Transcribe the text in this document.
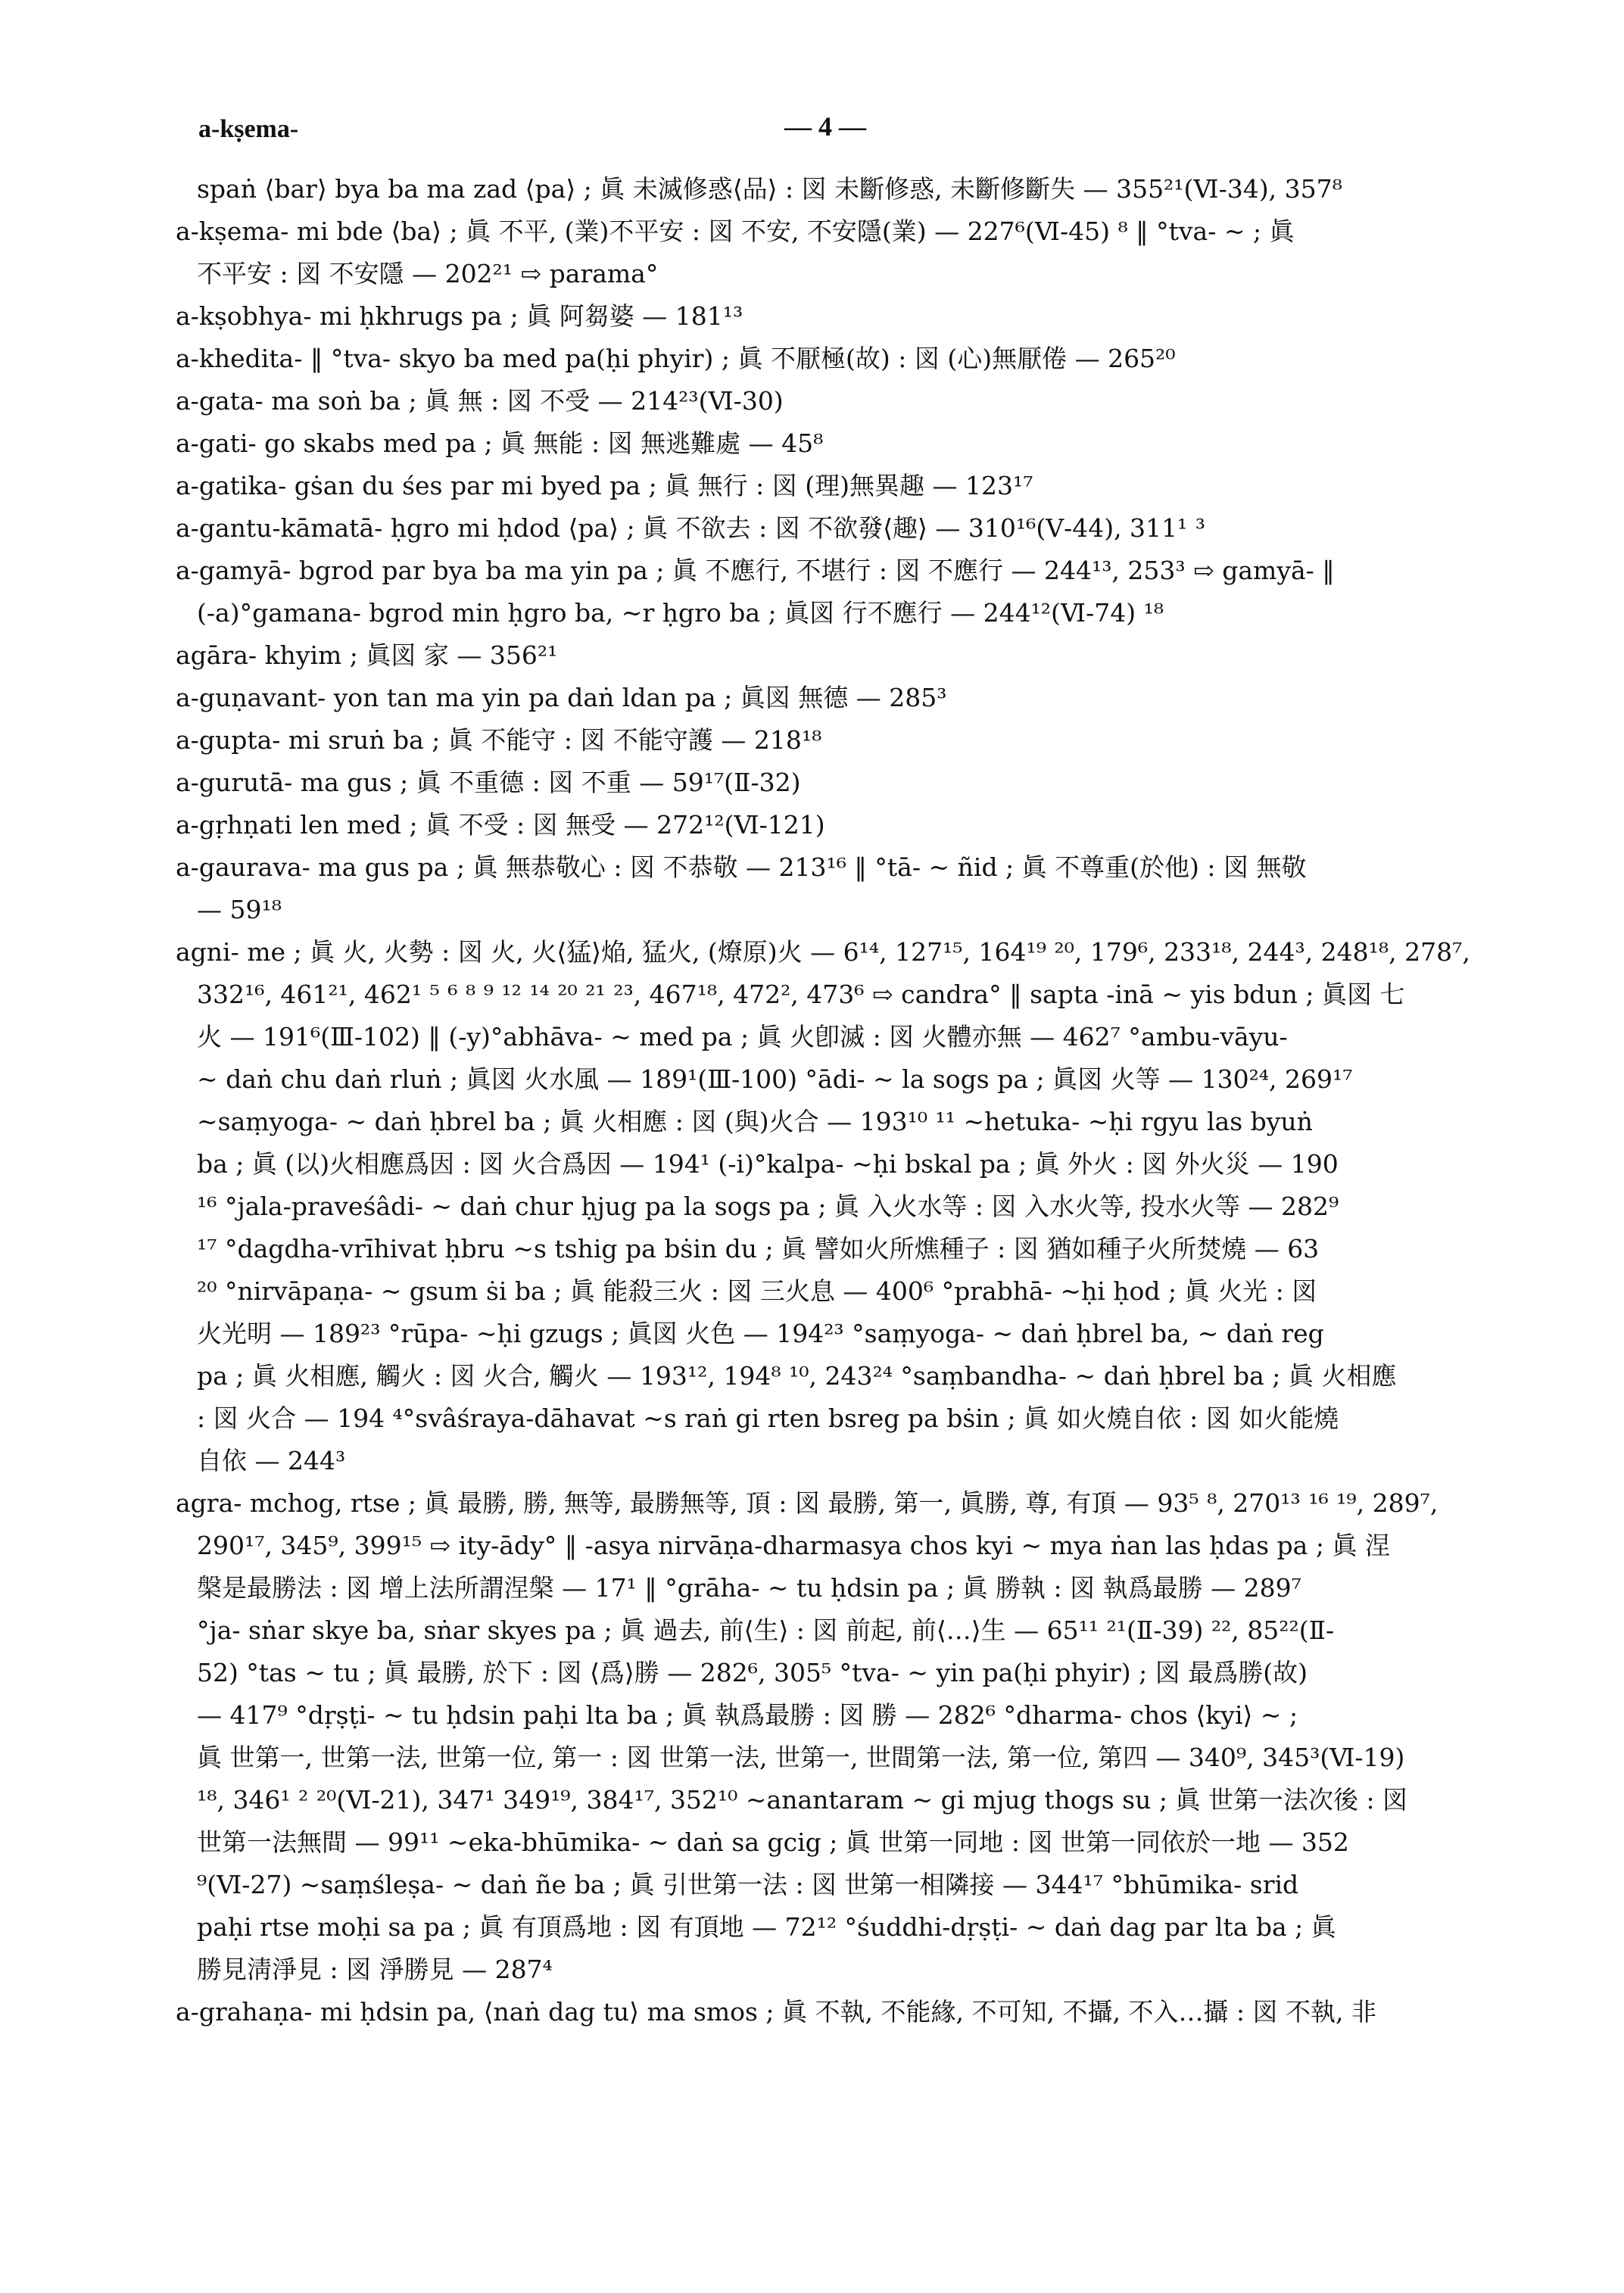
a-kṣema-	— 4 —
spaṅ ⟨bar⟩ bya ba ma zad ⟨pa⟩ ; 眞 未滅修惑⟨品⟩ : 図 未斷修惑, 未斷修斷失 — 355²¹(Ⅵ-34), 357⁸
a-kṣema- mi bde ⟨ba⟩ ; 眞 不平, (業)不平安 : 図 不安, 不安隱(業) — 227⁶(Ⅵ-45) ⁸ ‖ °tva- ~ ; 眞
不平安 : 図 不安隱 — 202²¹ ⇨ parama°
a-kṣobhya- mi ḥkhrugs pa ; 眞 阿芻婆 — 181¹³
a-khedita- ‖ °tva- skyo ba med pa(ḥi phyir) ; 眞 不厭極(故) : 図 (心)無厭倦 — 265²⁰
a-gata- ma soṅ ba ; 眞 無 : 図 不受 — 214²³(Ⅵ-30)
a-gati- go skabs med pa ; 眞 無能 : 図 無逃難處 — 45⁸
a-gatika- gṡan du śes par mi byed pa ; 眞 無行 : 図 (理)無異趣 — 123¹⁷
a-gantu-kāmatā- ḥgro mi ḥdod ⟨pa⟩ ; 眞 不欲去 : 図 不欲發⟨趣⟩ — 310¹⁶(Ⅴ-44), 311¹ ³
a-gamyā- bgrod par bya ba ma yin pa ; 眞 不應行, 不堪行 : 図 不應行 — 244¹³, 253³ ⇨ gamyā- ‖
(-a)°gamana- bgrod min ḥgro ba, ~r ḥgro ba ; 眞図 行不應行 — 244¹²(Ⅵ-74) ¹⁸
agāra- khyim ; 眞図 家 — 356²¹
a-guṇavant- yon tan ma yin pa daṅ ldan pa ; 眞図 無德 — 285³
a-gupta- mi sruṅ ba ; 眞 不能守 : 図 不能守護 — 218¹⁸
a-gurutā- ma gus ; 眞 不重德 : 図 不重 — 59¹⁷(Ⅱ-32)
a-gṛhṇati len med ; 眞 不受 : 図 無受 — 272¹²(Ⅵ-121)
a-gaurava- ma gus pa ; 眞 無恭敬心 : 図 不恭敬 — 213¹⁶ ‖ °tā- ~ ñid ; 眞 不尊重(於他) : 図 無敬
— 59¹⁸
agni- me ; 眞 火, 火勢 : 図 火, 火⟨猛⟩焔, 猛火, (燎原)火 — 6¹⁴, 127¹⁵, 164¹⁹ ²⁰, 179⁶, 233¹⁸, 244³, 248¹⁸, 278⁷,
332¹⁶, 461²¹, 462¹ ⁵ ⁶ ⁸ ⁹ ¹² ¹⁴ ²⁰ ²¹ ²³, 467¹⁸, 472², 473⁶ ⇨ candra° ‖ sapta -inā ~ yis bdun ; 眞図 七
火 — 191⁶(Ⅲ-102) ‖ (-y)°abhāva- ~ med pa ; 眞 火卽滅 : 図 火體亦無 — 462⁷ °ambu-vāyu-
~ daṅ chu daṅ rluṅ ; 眞図 火水風 — 189¹(Ⅲ-100) °ādi- ~ la sogs pa ; 眞図 火等 — 130²⁴, 269¹⁷
~saṃyoga- ~ daṅ ḥbrel ba ; 眞 火相應 : 図 (與)火合 — 193¹⁰ ¹¹ ~hetuka- ~ḥi rgyu las byuṅ
ba ; 眞 (以)火相應爲因 : 図 火合爲因 — 194¹ (-i)°kalpa- ~ḥi bskal pa ; 眞 外火 : 図 外火災 — 190
¹⁶ °jala-praveśâdi- ~ daṅ chur ḥjug pa la sogs pa ; 眞 入火水等 : 図 入水火等, 投水火等 — 282⁹
¹⁷ °dagdha-vrīhivat ḥbru ~s tshig pa bṡin du ; 眞 譬如火所燋種子 : 図 猶如種子火所焚燒 — 63
²⁰ °nirvāpaṇa- ~ gsum ṡi ba ; 眞 能殺三火 : 図 三火息 — 400⁶ °prabhā- ~ḥi ḥod ; 眞 火光 : 図
火光明 — 189²³ °rūpa- ~ḥi gzugs ; 眞図 火色 — 194²³ °saṃyoga- ~ daṅ ḥbrel ba, ~ daṅ reg
pa ; 眞 火相應, 觸火 : 図 火合, 觸火 — 193¹², 194⁸ ¹⁰, 243²⁴ °saṃbandha- ~ daṅ ḥbrel ba ; 眞 火相應
: 図 火合 — 194 ⁴°svâśraya-dāhavat ~s raṅ gi rten bsreg pa bṡin ; 眞 如火燒自依 : 図 如火能燒
自依 — 244³
agra- mchog, rtse ; 眞 最勝, 勝, 無等, 最勝無等, 頂 : 図 最勝, 第一, 眞勝, 尊, 有頂 — 93⁵ ⁸, 270¹³ ¹⁶ ¹⁹, 289⁷,
290¹⁷, 345⁹, 399¹⁵ ⇨ ity-ādy° ‖ -asya nirvāṇa-dharmasya chos kyi ~ mya ṅan las ḥdas pa ; 眞 涅
槃是最勝法 : 図 增上法所謂涅槃 — 17¹ ‖ °grāha- ~ tu ḥdsin pa ; 眞 勝執 : 図 執爲最勝 — 289⁷
°ja- sṅar skye ba, sṅar skyes pa ; 眞 過去, 前⟨生⟩ : 図 前起, 前⟨…⟩生 — 65¹¹ ²¹(Ⅱ-39) ²², 85²²(Ⅱ-
52) °tas ~ tu ; 眞 最勝, 於下 : 図 ⟨爲⟩勝 — 282⁶, 305⁵ °tva- ~ yin pa(ḥi phyir) ; 図 最爲勝(故)
— 417⁹ °dṛṣṭi- ~ tu ḥdsin paḥi lta ba ; 眞 執爲最勝 : 図 勝 — 282⁶ °dharma- chos ⟨kyi⟩ ~ ;
眞 世第一, 世第一法, 世第一位, 第一 : 図 世第一法, 世第一, 世間第一法, 第一位, 第四 — 340⁹, 345³(Ⅵ-19)
¹⁸, 346¹ ² ²⁰(Ⅵ-21), 347¹ 349¹⁹, 384¹⁷, 352¹⁰ ~anantaram ~ gi mjug thogs su ; 眞 世第一法次後 : 図
世第一法無間 — 99¹¹ ~eka-bhūmika- ~ daṅ sa gcig ; 眞 世第一同地 : 図 世第一同依於一地 — 352
⁹(Ⅵ-27) ~saṃśleṣa- ~ daṅ ñe ba ; 眞 引世第一法 : 図 世第一相隣接 — 344¹⁷ °bhūmika- srid
paḥi rtse moḥi sa pa ; 眞 有頂爲地 : 図 有頂地 — 72¹² °śuddhi-dṛṣṭi- ~ daṅ dag par lta ba ; 眞
勝見淸淨見 : 図 淨勝見 — 287⁴
a-grahaṇa- mi ḥdsin pa, ⟨naṅ dag tu⟩ ma smos ; 眞 不執, 不能緣, 不可知, 不攝, 不入…攝 : 図 不執, 非
